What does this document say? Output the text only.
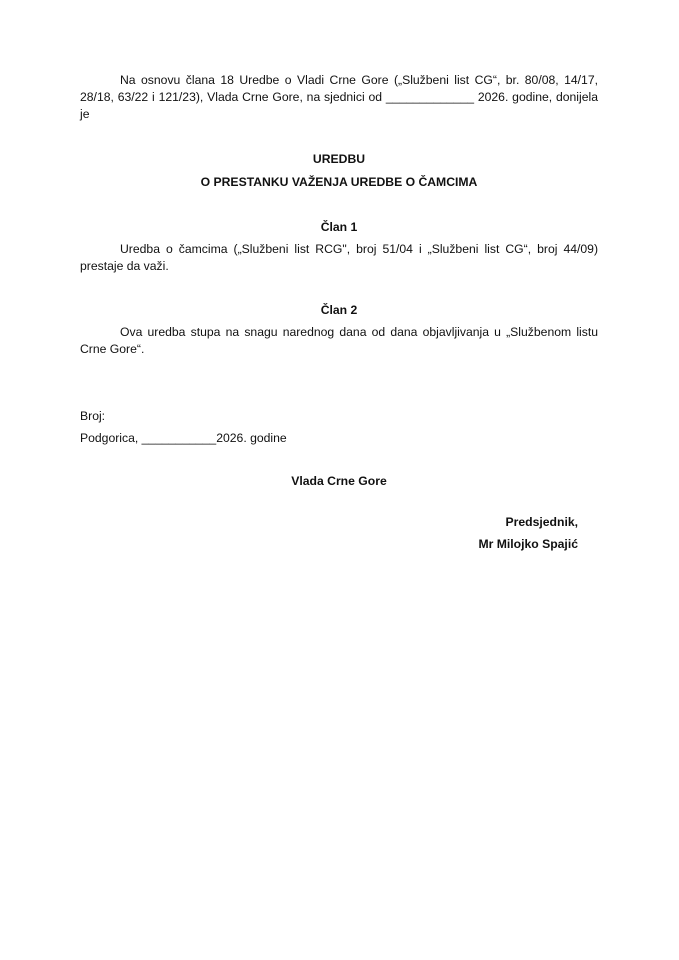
Na osnovu člana 18 Uredbe o Vladi Crne Gore („Službeni list CG“, br. 80/08, 14/17, 28/18, 63/22 i 121/23), Vlada Crne Gore, na sjednici od _____________ 2026. godine, donijela je

UREDBU

O PRESTANKU VAŽENJA UREDBE O ČAMCIMA

Član 1

Uredba o čamcima („Službeni list RCG", broj 51/04 i „Službeni list CG“, broj 44/09) prestaje da važi.

Član 2

Ova uredba stupa na snagu narednog dana od dana objavljivanja u „Službenom listu Crne Gore“.

Broj:

Podgorica, ___________2026. godine

Vlada Crne Gore

Predsjednik,

Mr Milojko Spajić
